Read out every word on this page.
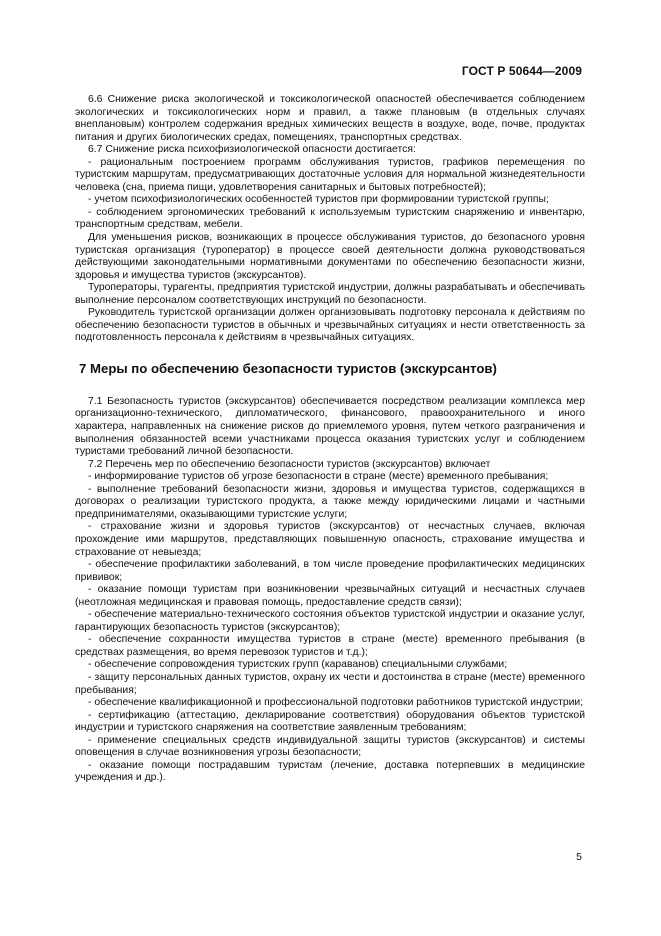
ГОСТ Р 50644—2009

6.6 Снижение риска экологической и токсикологической опасностей обеспечивается соблюдением экологических и токсикологических норм и правил, а также плановым (в отдельных случаях внеплановым) контролем содержания вредных химических веществ в воздухе, воде, почве, продуктах питания и других биологических средах, помещениях, транспортных средствах.

6.7 Снижение риска психофизиологической опасности достигается:

- рациональным построением программ обслуживания туристов, графиков перемещения по туристским маршрутам, предусматривающих достаточные условия для нормальной жизнедеятельности человека (сна, приема пищи, удовлетворения санитарных и бытовых потребностей);

- учетом психофизиологических особенностей туристов при формировании туристской группы;

- соблюдением эргономических требований к используемым туристским снаряжению и инвентарю, транспортным средствам, мебели.

Для уменьшения рисков, возникающих в процессе обслуживания туристов, до безопасного уровня туристская организация (туроператор) в процессе своей деятельности должна руководствоваться действующими законодательными нормативными документами по обеспечению безопасности жизни, здоровья и имущества туристов (экскурсантов).

Туроператоры, турагенты, предприятия туристской индустрии, должны разрабатывать и обеспечивать выполнение персоналом соответствующих инструкций по безопасности.

Руководитель туристской организации должен организовывать подготовку персонала к действиям по обеспечению безопасности туристов в обычных и чрезвычайных ситуациях и нести ответственность за подготовленность персонала к действиям в чрезвычайных ситуациях.

7 Меры по обеспечению безопасности туристов (экскурсантов)

7.1 Безопасность туристов (экскурсантов) обеспечивается посредством реализации комплекса мер организационно-технического, дипломатического, финансового, правоохранительного и иного характера, направленных на снижение рисков до приемлемого уровня, путем четкого разграничения и выполнения обязанностей всеми участниками процесса оказания туристских услуг и соблюдением туристами требований личной безопасности.

7.2 Перечень мер по обеспечению безопасности туристов (экскурсантов) включает

- информирование туристов об угрозе безопасности в стране (месте) временного пребывания;

- выполнение требований безопасности жизни, здоровья и имущества туристов, содержащихся в договорах о реализации туристского продукта, а также между юридическими лицами и частными предпринимателями, оказывающими туристские услуги;

- страхование жизни и здоровья туристов (экскурсантов) от несчастных случаев, включая прохождение ими маршрутов, представляющих повышенную опасность, страхование имущества и страхование от невыезда;

- обеспечение профилактики заболеваний, в том числе проведение профилактических медицинских прививок;

- оказание помощи туристам при возникновении чрезвычайных ситуаций и несчастных случаев (неотложная медицинская и правовая помощь, предоставление средств связи);

- обеспечение материально-технического состояния объектов туристской индустрии и оказание услуг, гарантирующих безопасность туристов (экскурсантов);

- обеспечение сохранности имущества туристов в стране (месте) временного пребывания (в средствах размещения, во время перевозок туристов и т.д.);

- обеспечение сопровождения туристских групп (караванов) специальными службами;

- защиту персональных данных туристов, охрану их чести и достоинства в стране (месте) временного пребывания;

- обеспечение квалификационной и профессиональной подготовки работников туристской индустрии;

- сертификацию (аттестацию, декларирование соответствия) оборудования объектов туристской индустрии и туристского снаряжения на соответствие заявленным требованиям;

- применение специальных средств индивидуальной защиты туристов (экскурсантов) и системы оповещения в случае возникновения угрозы безопасности;

- оказание помощи пострадавшим туристам (лечение, доставка потерпевших в медицинские учреждения и др.).

5
